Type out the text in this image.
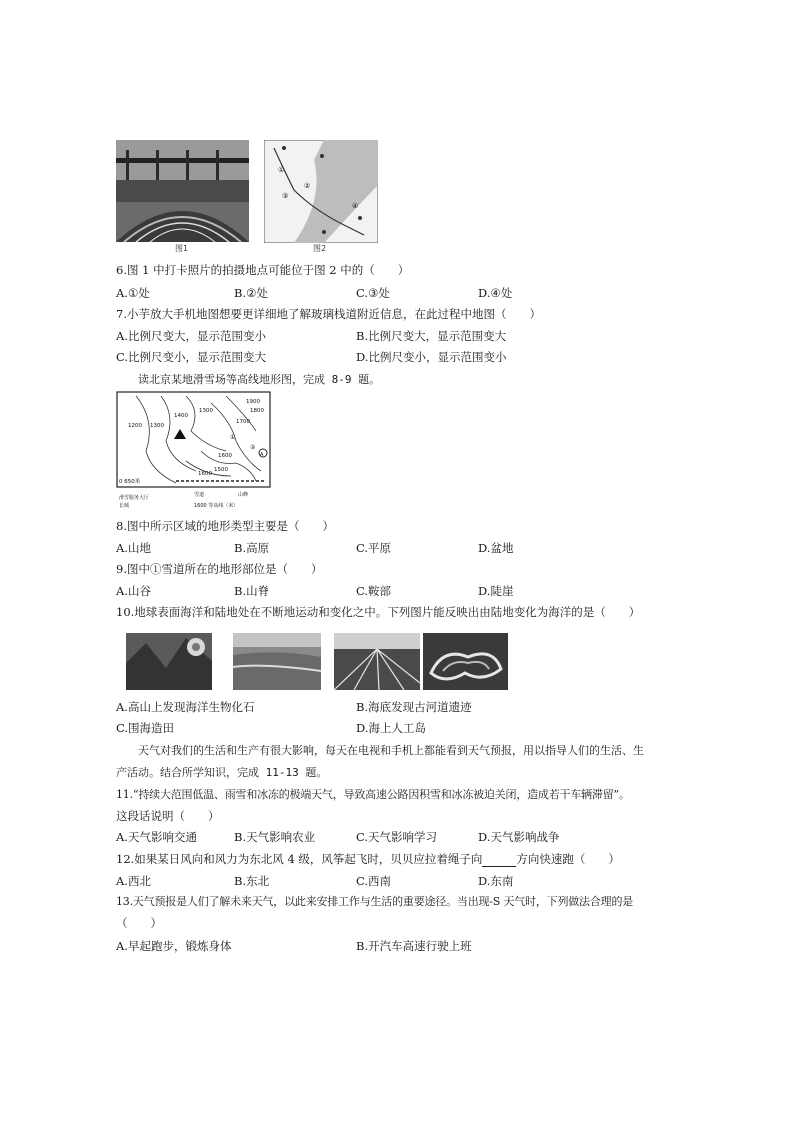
图1
①
②
③
④
图2
6.图 1 中打卡照片的拍摄地点可能位于图 2 中的（　　）
A.①处	B.②处	C.③处	D.④处
7.小芋放大手机地图想要更详细地了解玻璃栈道附近信息，在此过程中地图（　　）
A.比例尺变大，显示范围变小	B.比例尺变大，显示范围变大
C.比例尺变小，显示范围变大	D.比例尺变小，显示范围变小
读北京某地滑雪场等高线地形图，完成 8-9 题。
1900
1800
1700
1400
1300
1200
1300
1600
1500
1600
①
②
A
0 650米
滑雪服务大厅	雪道	山峰
长城	1600 等高线（米）
8.图中所示区域的地形类型主要是（　　）
A.山地	B.高原	C.平原	D.盆地
9.图中①雪道所在的地形部位是（　　）
A.山谷	B.山脊	C.鞍部	D.陡崖
10.地球表面海洋和陆地处在不断地运动和变化之中。下列图片能反映出由陆地变化为海洋的是（　　）
A.高山上发现海洋生物化石	B.海底发现古河道遗迹
C.围海造田	D.海上人工岛
天气对我们的生活和生产有很大影响，每天在电视和手机上都能看到天气预报，用以指导人们的生活、生
产活动。结合所学知识，完成 11-13 题。
11.“持续大范围低温、雨雪和冰冻的极端天气，导致高速公路因积雪和冰冻被迫关闭，造成若干车辆滞留”。
这段话说明（　　）
A.天气影响交通	B.天气影响农业	C.天气影响学习	D.天气影响战争
12.如果某日风向和风力为东北风 4 级，风筝起飞时，贝贝应拉着绳子向	方向快速跑（　　）
A.西北	B.东北	C.西南	D.东南
13.天气预报是人们了解未来天气，以此来安排工作与生活的重要途径。当出现-S 天气时，下列做法合理的是
（　　）
A.早起跑步，锻炼身体	B.开汽车高速行驶上班
